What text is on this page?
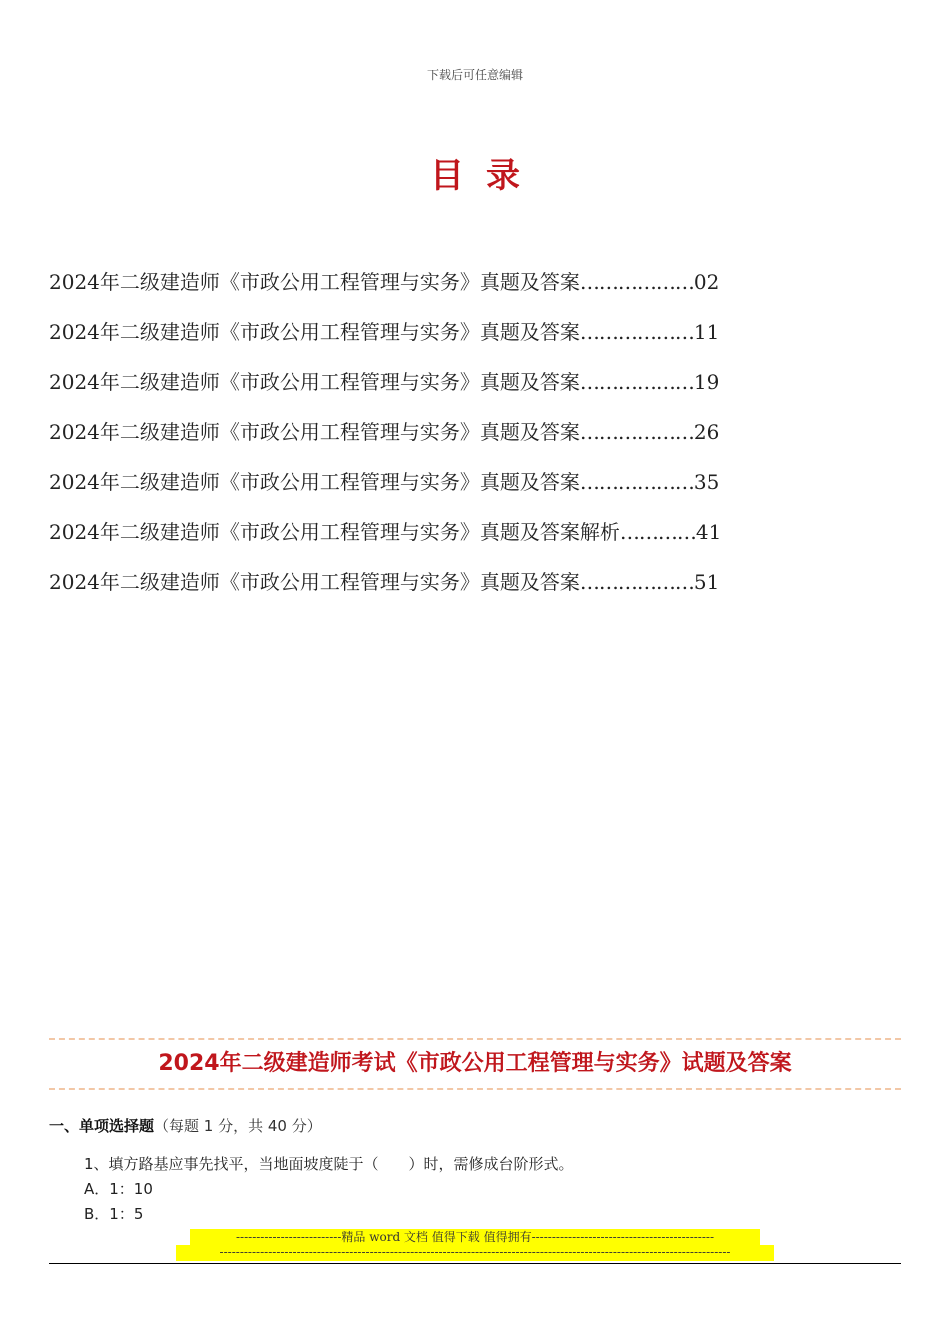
下载后可任意编辑
目录
2024年二级建造师《市政公用工程管理与实务》真题及答案………………02
2024年二级建造师《市政公用工程管理与实务》真题及答案………………11
2024年二级建造师《市政公用工程管理与实务》真题及答案………………19
2024年二级建造师《市政公用工程管理与实务》真题及答案………………26
2024年二级建造师《市政公用工程管理与实务》真题及答案………………35
2024年二级建造师《市政公用工程管理与实务》真题及答案解析…………41
2024年二级建造师《市政公用工程管理与实务》真题及答案………………51
2024年二级建造师考试《市政公用工程管理与实务》试题及答案
一、单项选择题（每题 1 分，共 40 分）
1、填方路基应事先找平，当地面坡度陡于（　　）时，需修成台阶形式。
A．1：10
B．1：5
--------------------------精品 word 文档 值得下载 值得拥有---------------------------------------------
------------------------------------------------------------------------------------------------------------------------------
